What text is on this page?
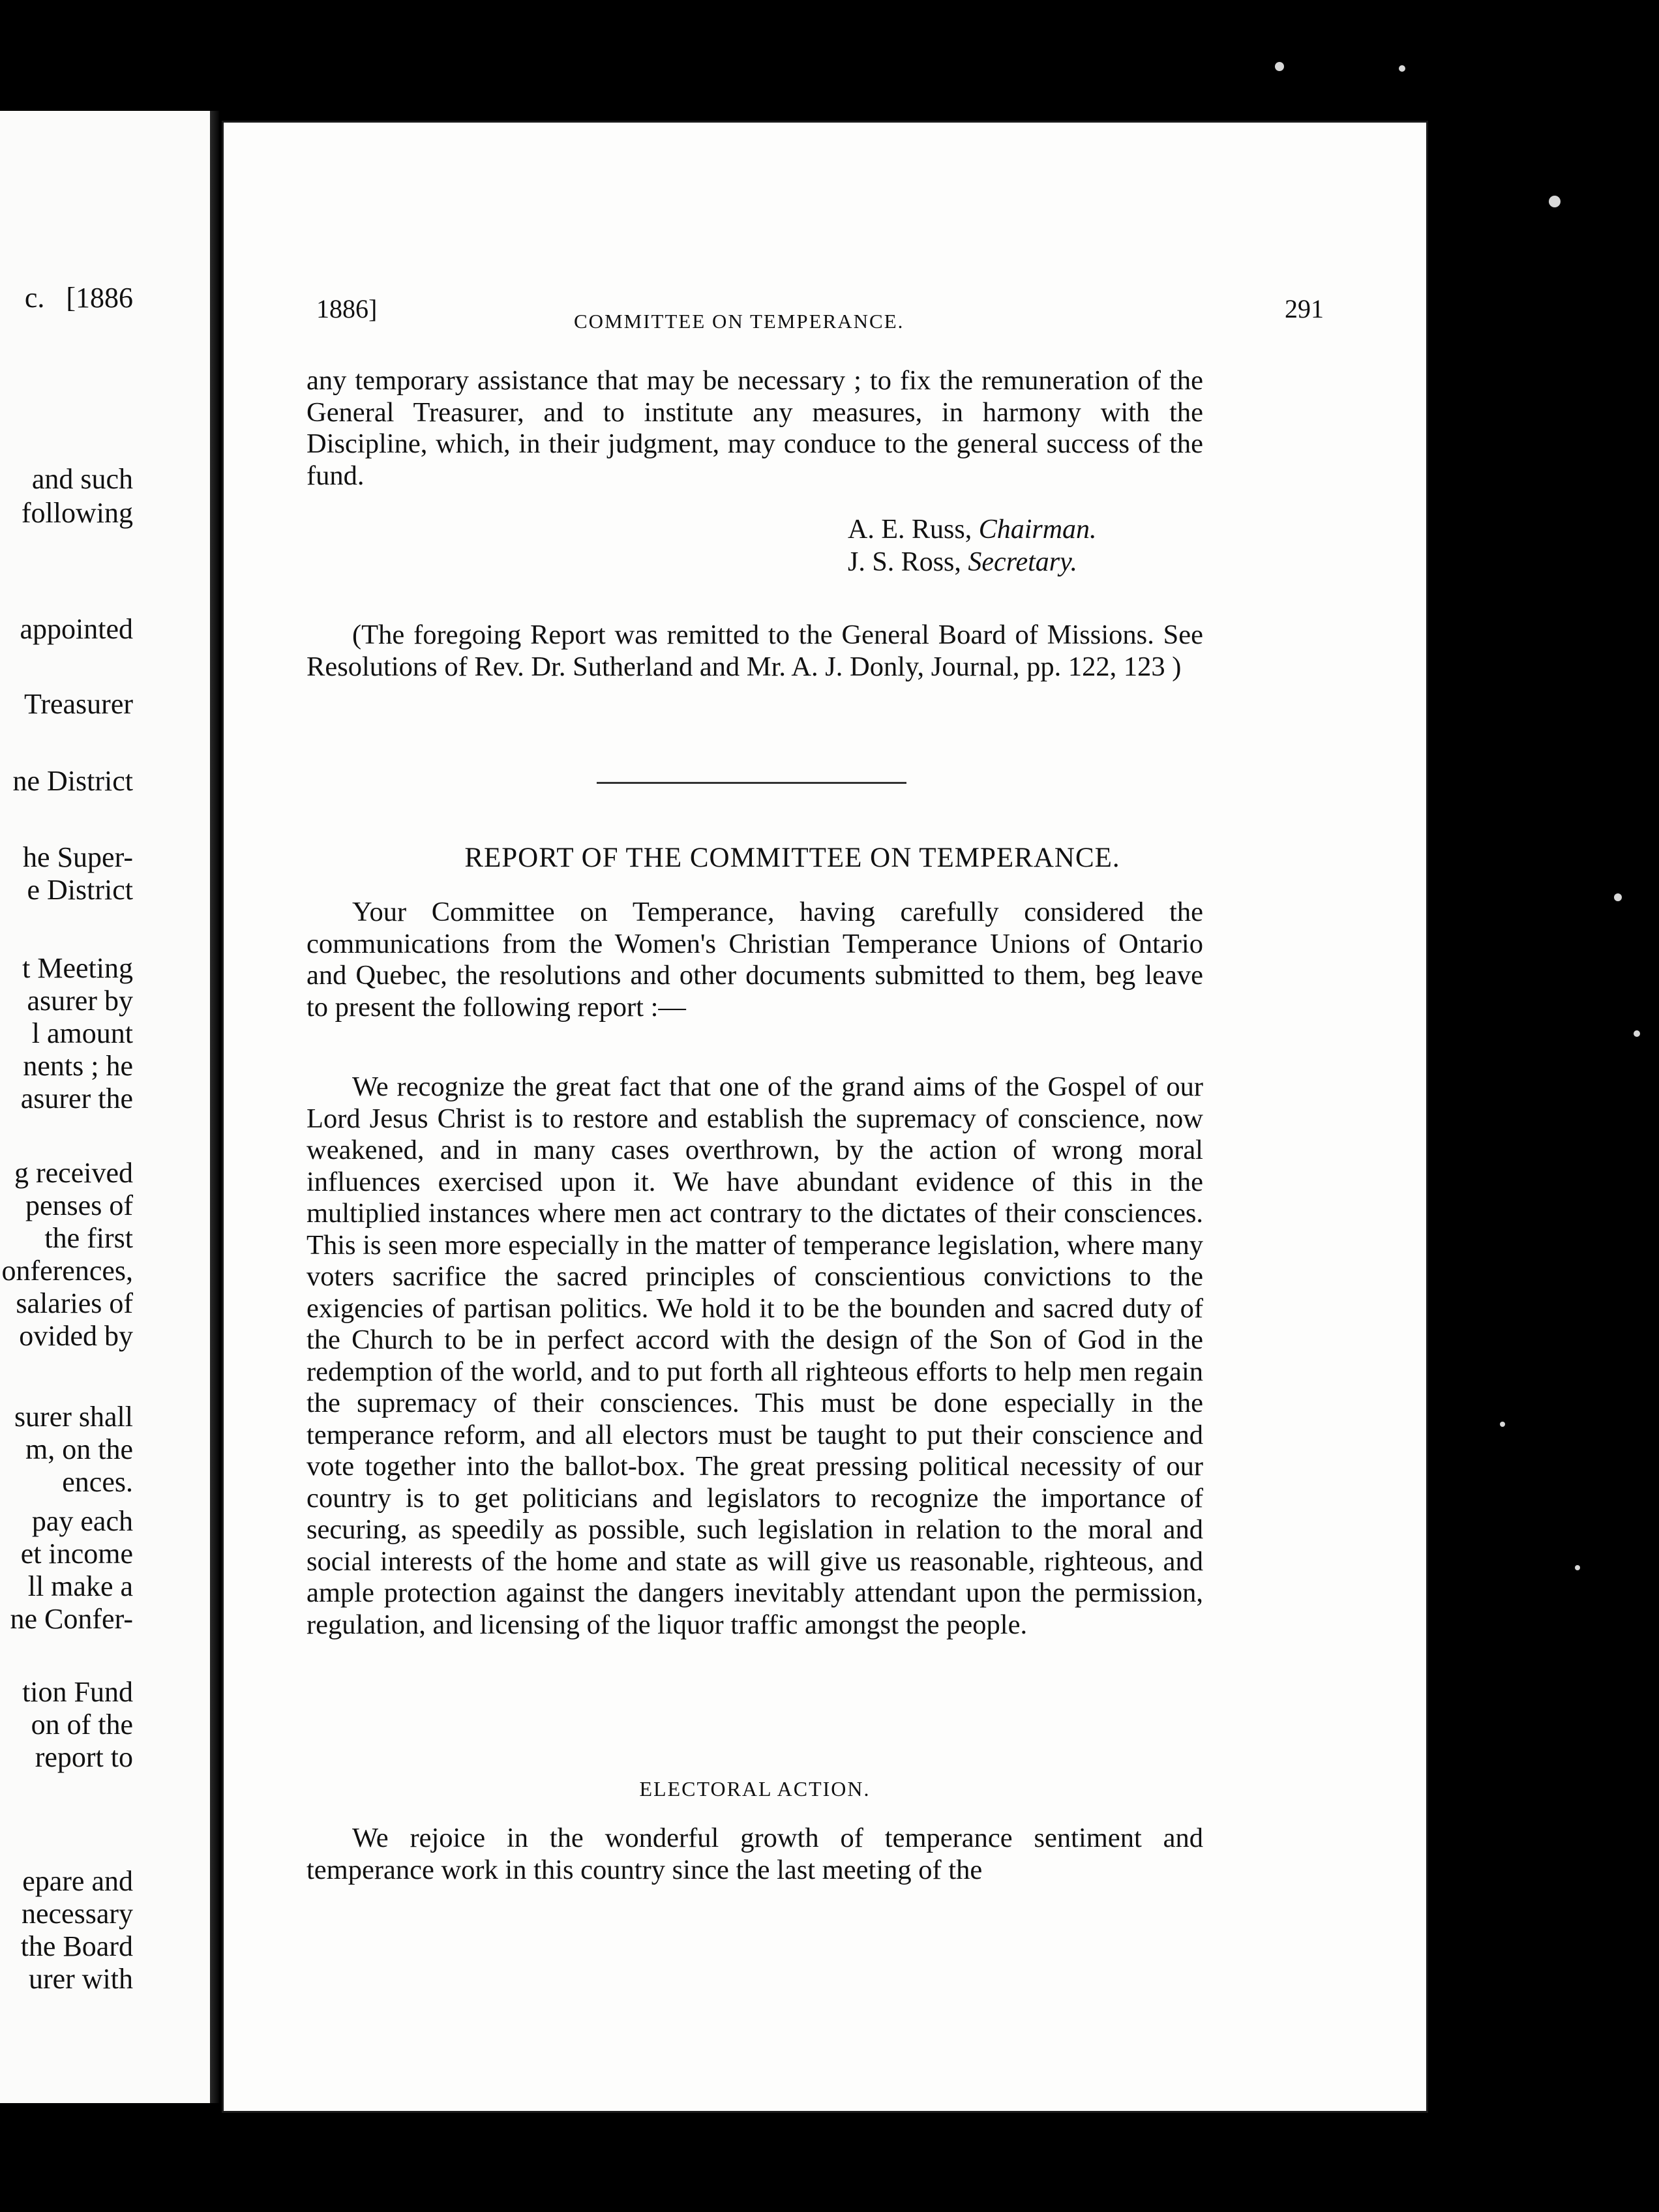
c. [1886
and such
following
appointed
Treasurer
ne District
he Super-
e District
t Meeting
asurer by
l amount
nents ; he
asurer the
g received
penses of
the first
onferences,
salaries of
ovided by
surer shall
m, on the
ences.
pay each
et income
ll make a
ne Confer-
tion Fund
on of the
report to
epare and
necessary
the Board
urer with
1886]	COMMITTEE ON TEMPERANCE.	291

any temporary assistance that may be necessary ; to fix the remuneration of the General Treasurer, and to institute any measures, in harmony with the Discipline, which, in their judgment, may conduce to the general success of the fund.

A. E. Russ, Chairman.
J. S. Ross, Secretary.

(The foregoing Report was remitted to the General Board of Missions. See Resolutions of Rev. Dr. Sutherland and Mr. A. J. Donly, Journal, pp. 122, 123 )

REPORT OF THE COMMITTEE ON TEMPERANCE.

Your Committee on Temperance, having carefully considered the communications from the Women's Christian Temperance Unions of Ontario and Quebec, the resolutions and other documents submitted to them, beg leave to present the following report :—

We recognize the great fact that one of the grand aims of the Gospel of our Lord Jesus Christ is to restore and establish the supremacy of conscience, now weakened, and in many cases overthrown, by the action of wrong moral influences exercised upon it. We have abundant evidence of this in the multiplied instances where men act contrary to the dictates of their consciences. This is seen more especially in the matter of temperance legislation, where many voters sacrifice the sacred principles of conscientious convictions to the exigencies of partisan politics. We hold it to be the bounden and sacred duty of the Church to be in perfect accord with the design of the Son of God in the redemption of the world, and to put forth all righteous efforts to help men regain the supremacy of their consciences. This must be done especially in the temperance reform, and all electors must be taught to put their conscience and vote together into the ballot-box. The great pressing political necessity of our country is to get politicians and legislators to recognize the importance of securing, as speedily as possible, such legislation in relation to the moral and social interests of the home and state as will give us reasonable, righteous, and ample protection against the dangers inevitably attendant upon the permission, regulation, and licensing of the liquor traffic amongst the people.

ELECTORAL ACTION.

We rejoice in the wonderful growth of temperance sentiment and temperance work in this country since the last meeting of the
